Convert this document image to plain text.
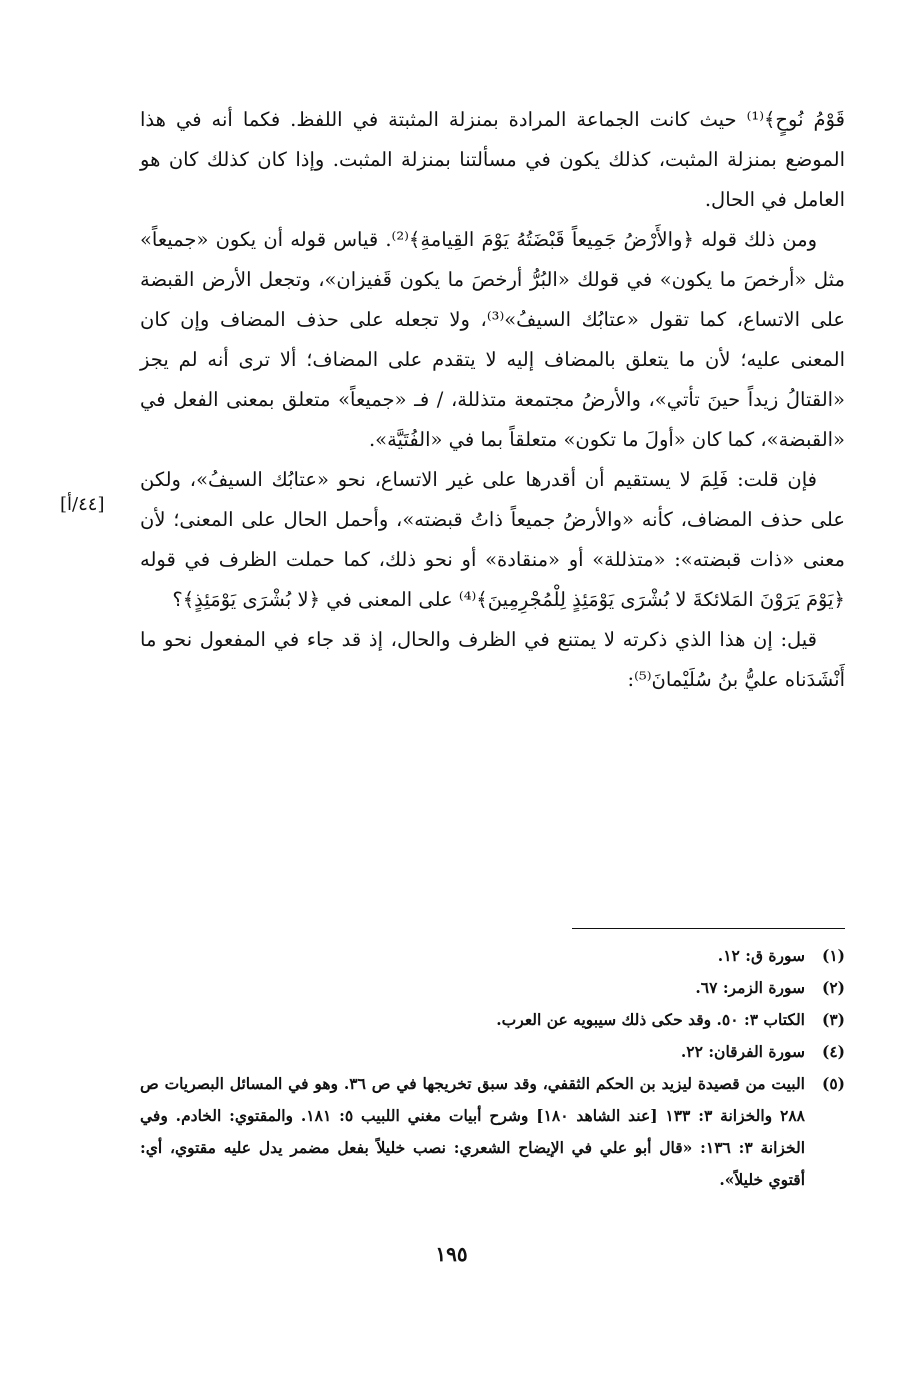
قَوْمُ نُوحٍ﴾⁽¹⁾ حيث كانت الجماعة المرادة بمنزلة المثبتة في اللفظ. فكما أنه في هذا الموضع بمنزلة المثبت، كذلك يكون في مسألتنا بمنزلة المثبت. وإذا كان كذلك كان هو العامل في الحال.

ومن ذلك قوله ﴿والأَرْضُ جَمِيعاً قَبْضَتُهُ يَوْمَ القِيامةِ﴾⁽²⁾. قياس قوله أن يكون «جميعاً» مثل «أرخصَ ما يكون» في قولك «البُرُّ أرخصَ ما يكون قَفيزان»، وتجعل الأرض القبضة على الاتساع، كما تقول «عتابُك السيفُ»⁽³⁾، ولا تجعله على حذف المضاف وإن كان المعنى عليه؛ لأن ما يتعلق بالمضاف إليه لا يتقدم على المضاف؛ ألا ترى أنه لم يجز «القتالُ زيداً حينَ تأتي»، والأرضُ مجتمعة متذللة، / فـ «جميعاً» متعلق بمعنى الفعل في «القبضة»، كما كان «أولَ ما تكون» متعلقاً بما في «الفُتَيَّة».

فإن قلت: فَلِمَ لا يستقيم أن أقدرها على غير الاتساع، نحو «عتابُك السيفُ»، ولكن على حذف المضاف، كأنه «والأرضُ جميعاً ذاتُ قبضته»، وأحمل الحال على المعنى؛ لأن معنى «ذات قبضته»: «متذللة» أو «منقادة» أو نحو ذلك، كما حملت الظرف في قوله ﴿يَوْمَ يَرَوْنَ المَلائكةَ لا بُشْرَى يَوْمَئِذٍ لِلْمُجْرِمِينَ﴾⁽⁴⁾ على المعنى في ﴿لا بُشْرَى يَوْمَئِذٍ﴾؟

قيل: إن هذا الذي ذكرته لا يمتنع في الظرف والحال، إذ قد جاء في المفعول نحو ما أَنْشَدَناه عليُّ بنُ سُلَيْمانَ⁽⁵⁾:

[٤٤/أ]
(١)
سورة ق: ١٢.
(٢)
سورة الزمر: ٦٧.
(٣)
الكتاب ٣: ٥٠. وقد حكى ذلك سيبويه عن العرب.
(٤)
سورة الفرقان: ٢٢.
(٥)
البيت من قصيدة ليزيد بن الحكم الثقفي، وقد سبق تخريجها في ص ٣٦. وهو في المسائل البصريات ص ٢٨٨ والخزانة ٣: ١٣٣ [عند الشاهد ١٨٠] وشرح أبيات مغني اللبيب ٥: ١٨١. والمقتوي: الخادم. وفي الخزانة ٣: ١٣٦: «قال أبو علي في الإيضاح الشعري: نصب خليلاً بفعل مضمر يدل عليه مقتوي، أي: أقتوي خليلاً».
١٩٥
